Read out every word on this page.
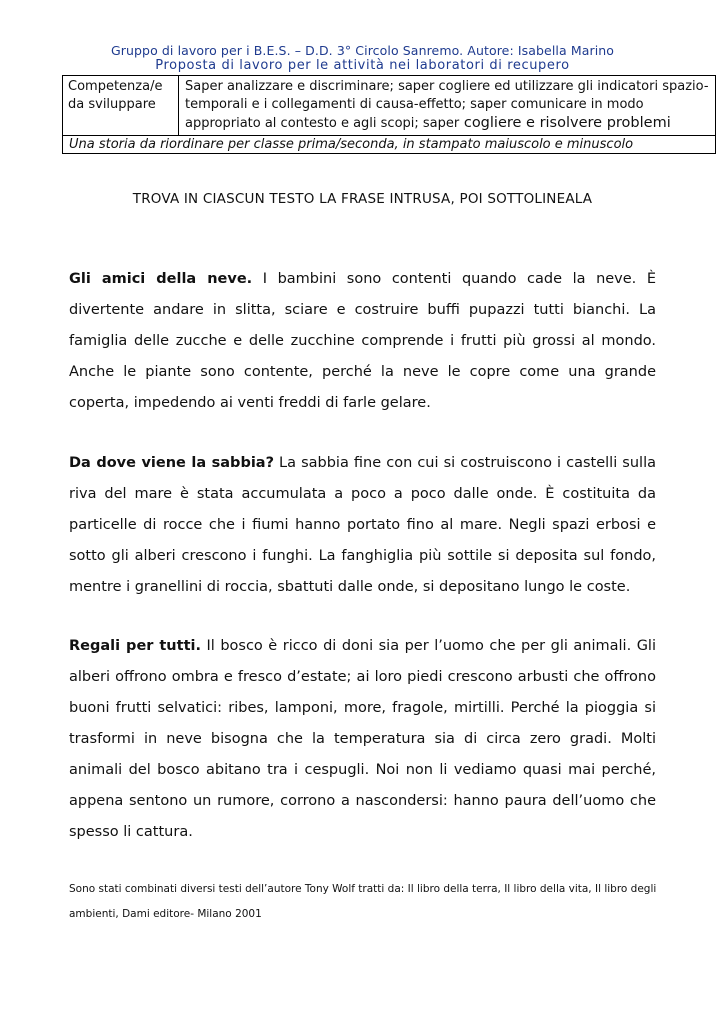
Gruppo di lavoro per i B.E.S. – D.D. 3° Circolo Sanremo. Autore: Isabella Marino
Proposta di lavoro per le attività nei laboratori di recupero
Competenza/e da sviluppare
Saper analizzare e discriminare; saper cogliere ed utilizzare gli indicatori spazio-temporali e i collegamenti di causa-effetto; saper comunicare in modo appropriato al contesto e agli scopi; saper cogliere e risolvere problemi
Una storia da riordinare per classe prima/seconda, in stampato maiuscolo e minuscolo
TROVA IN CIASCUN TESTO LA FRASE INTRUSA, POI SOTTOLINEALA
Gli amici della neve. I bambini sono contenti quando cade la neve. È divertente andare in slitta, sciare e costruire buffi pupazzi tutti bianchi. La famiglia delle zucche e delle zucchine comprende i frutti più grossi al mondo. Anche le piante sono contente, perché la neve le copre come una grande coperta, impedendo ai venti freddi di farle gelare.
Da dove viene la sabbia? La sabbia fine con cui si costruiscono i castelli sulla riva del mare è stata accumulata a poco a poco dalle onde. È costituita da particelle di rocce che i fiumi hanno portato fino al mare. Negli spazi erbosi e sotto gli alberi crescono i funghi. La fanghiglia più sottile si deposita sul fondo, mentre i granellini di roccia, sbattuti dalle onde, si depositano lungo le coste.
Regali per tutti. Il bosco è ricco di doni sia per l’uomo che per gli animali. Gli alberi offrono ombra e fresco d’estate; ai loro piedi crescono arbusti che offrono buoni frutti selvatici: ribes, lamponi, more, fragole, mirtilli. Perché la pioggia si trasformi in neve bisogna che la temperatura sia di circa zero gradi. Molti animali del bosco abitano tra i cespugli. Noi non li vediamo quasi mai perché, appena sentono un rumore, corrono a nascondersi: hanno paura dell’uomo che spesso li cattura.
Sono stati combinati diversi testi dell’autore Tony Wolf tratti da: Il libro della terra, Il libro della vita, Il libro degli ambienti, Dami editore- Milano 2001
